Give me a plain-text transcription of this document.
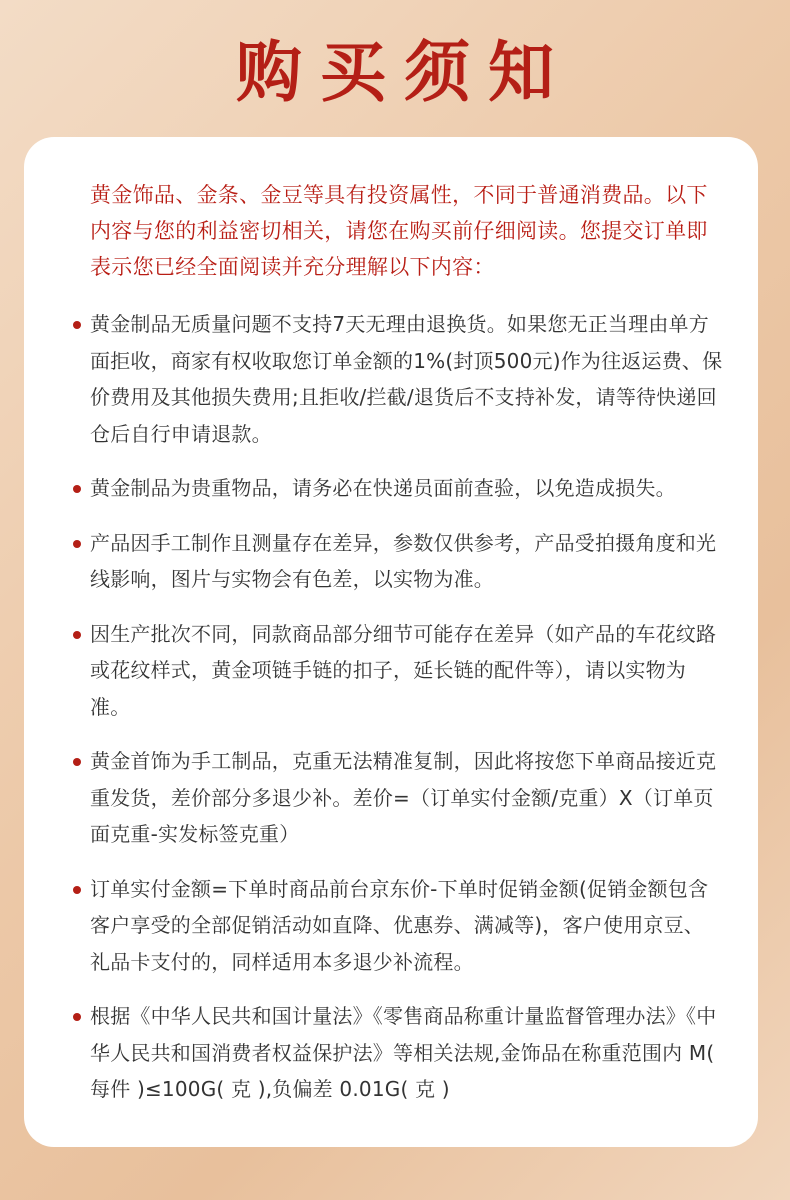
购买须知

黄金饰品、金条、金豆等具有投资属性，不同于普通消费品。以下内容与您的利益密切相关，请您在购买前仔细阅读。您提交订单即表示您已经全面阅读并充分理解以下内容：

黄金制品无质量问题不支持7天无理由退换货。如果您无正当理由单方面拒收，商家有权收取您订单金额的1%(封顶500元)作为往返运费、保价费用及其他损失费用;且拒收/拦截/退货后不支持补发，请等待快递回仓后自行申请退款。
黄金制品为贵重物品，请务必在快递员面前查验，以免造成损失。
产品因手工制作且测量存在差异，参数仅供参考，产品受拍摄角度和光线影响，图片与实物会有色差，以实物为准。
因生产批次不同，同款商品部分细节可能存在差异（如产品的车花纹路或花纹样式，黄金项链手链的扣子，延长链的配件等），请以实物为准。
黄金首饰为手工制品，克重无法精准复制，因此将按您下单商品接近克重发货，差价部分多退少补。差价=（订单实付金额/克重）X（订单页面克重-实发标签克重）
订单实付金额=下单时商品前台京东价-下单时促销金额(促销金额包含客户享受的全部促销活动如直降、优惠券、满减等)，客户使用京豆、礼品卡支付的，同样适用本多退少补流程。
根据《中华人民共和国计量法》《零售商品称重计量监督管理办法》《中华人民共和国消费者权益保护法》等相关法规,金饰品在称重范围内 M( 每件 )≤100G( 克 ),负偏差 0.01G( 克 )
